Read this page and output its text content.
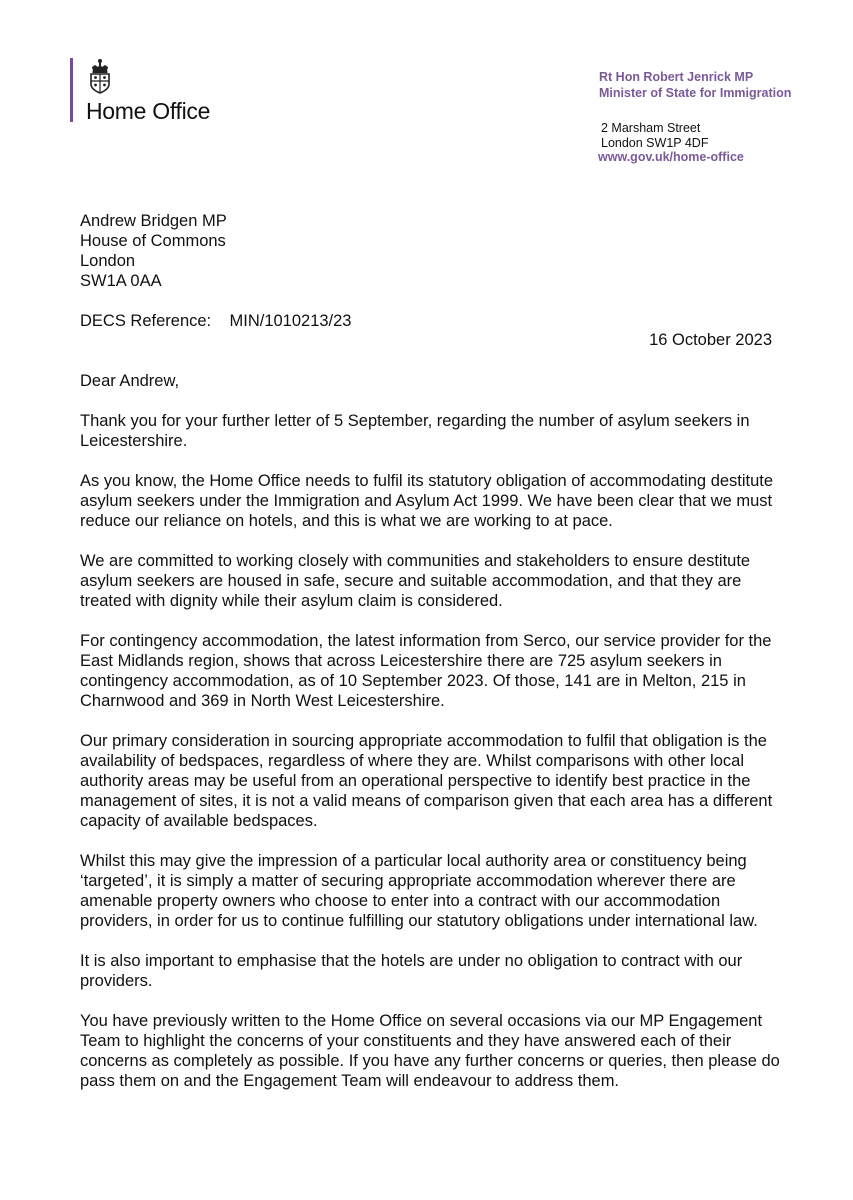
Home Office
Rt Hon Robert Jenrick MP
Minister of State for Immigration
2 Marsham Street
London SW1P 4DF
www.gov.uk/home-office
Andrew Bridgen MP
House of Commons
London
SW1A 0AA
DECS Reference: MIN/1010213/23
16 October 2023
Dear Andrew,

Thank you for your further letter of 5 September, regarding the number of asylum seekers in Leicestershire.

As you know, the Home Office needs to fulfil its statutory obligation of accommodating destitute asylum seekers under the Immigration and Asylum Act 1999. We have been clear that we must reduce our reliance on hotels, and this is what we are working to at pace.

We are committed to working closely with communities and stakeholders to ensure destitute asylum seekers are housed in safe, secure and suitable accommodation, and that they are treated with dignity while their asylum claim is considered.

For contingency accommodation, the latest information from Serco, our service provider for the East Midlands region, shows that across Leicestershire there are 725 asylum seekers in contingency accommodation, as of 10 September 2023. Of those, 141 are in Melton, 215 in Charnwood and 369 in North West Leicestershire.

Our primary consideration in sourcing appropriate accommodation to fulfil that obligation is the availability of bedspaces, regardless of where they are. Whilst comparisons with other local authority areas may be useful from an operational perspective to identify best practice in the management of sites, it is not a valid means of comparison given that each area has a different capacity of available bedspaces.

Whilst this may give the impression of a particular local authority area or constituency being ‘targeted’, it is simply a matter of securing appropriate accommodation wherever there are amenable property owners who choose to enter into a contract with our accommodation providers, in order for us to continue fulfilling our statutory obligations under international law.

It is also important to emphasise that the hotels are under no obligation to contract with our providers.

You have previously written to the Home Office on several occasions via our MP Engagement Team to highlight the concerns of your constituents and they have answered each of their concerns as completely as possible. If you have any further concerns or queries, then please do pass them on and the Engagement Team will endeavour to address them.
